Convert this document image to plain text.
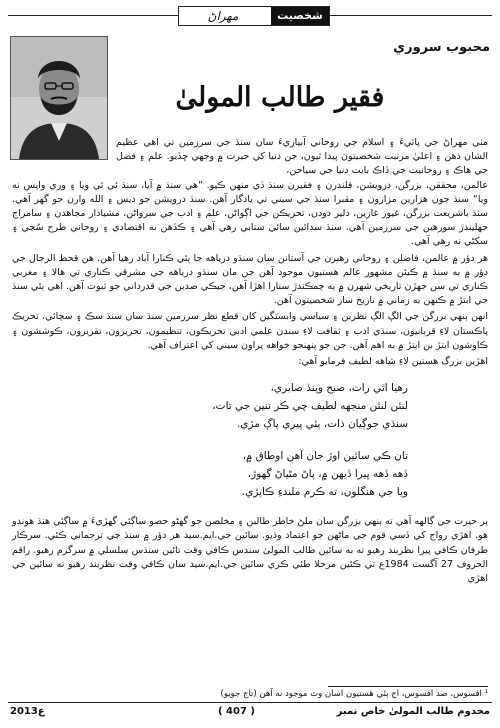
مهراڻ	شخصيت
محبوب سروري
فقير طالب المولىٰ

مٺي مهراڻ جي پاٽيءَ ۽ اسلام جي روحاني آبياريءَ سان سنڌ جي سرزمين تي اهي عظيم الشان ذهن ۽ اعليٰ مرتبت شخصيتون پيدا ٿيون، جن دنيا کي حيرت ۾ وجهي ڇڏيو. علم ۽ فضل جي هاڪ ۽ روحانيت جي ڏاڪ بابت دنيا جي سياحن،

عالمن، محققن، بزرگن، درويشن، قلندرن ۽ فقيرن سنڌ ڏي منهن ڪيو. ”هي سنڌ ۾ آيا، سنڌ ئي ٿي ويا ۽ وري واپس نه ويا“ سنڌ جون هزارين مزارون ۽ مقبرا سنڌ جي سيني تي يادگار آهن. سنڌ درويشن جو ديس ۽ الله وارن جو گهر آهي. سنڌ باشريعت بزرگن، غيور غازين، دلير دودن، تحريڪن جي اڳواڻن، علم ۽ ادب جي سرواڻن، مشيادار مجاهدن ۽ سامراج جهليندڙ سورهين جي سرزمين آهي. سنڌ سدائين سائي ستابي رهي آهي ۽ ڪڏهن به اقتصادي ۽ روحاني طرح سُڃي ۽ سکڻي نه رهي آهي.

هر دؤر ۾ عالمن، فاضلن ۽ روحاني رهبرن جي آستانن سان سنڌو درياهه جا ٻئي ڪنارا آباد رهيا آهن. هن قحط الرجال جي دؤر ۾ به سنڌ ۾ ڪيئن مشهور عالم هستيون موجود آهن جن مان سنڌو درياهه جي مشرقي ڪناري تي هالا ۽ مغربي ڪناري تي سن جهڙن تاريخي شهرن ۾ ٻه چمڪندڙ ستارا اهڙا آهن، جيڪي صدين جي قدرداني جو ثبوت آهن. اهي ٻئي سنڌ جي ابتڙ ۾ ڪنهن به زماني ۾ تاريخ ساز شخصيتون آهن.

انهن ٻنهي بزرگن جي الڳ الڳ نظرين ۽ سياسي وابستگين کان قطع نظر سرزمين سنڌ سان سنڌ سڪ ۽ سچائي، تحريڪ پاڪستان لاءِ قربانيون، سنڌي ادب ۽ ثقافت لاءِ سندن علمي ادبي تحريڪون، تنظيمون، تحريرون، تقريرون، ڪوششون ۽ ڪاوشون ابتڙ بن ابتڙ ۾ به اهم آهن. جن جو پنهنجو خواهه پراون سيني کي اعتراف آهي.

اهڙين بزرگ هستين لاءِ شاهه لطيف فرمايو آهي:

رهيا اٿي رات، صبح وينڏ صابري،
لنئن لنئن منجهه لطيف چي ڪر تنين جي تات،
سنڌي جوڳيان ذات، ٻئي پيري پاڳ مڙي.
تان ڪي سائين اوڙ جان آهن اوطاق ۾،
ڏهه ڏهه ڀيرا ڏيهن ۾، پاڻ مڻياڻ گهوڙ،
ويا جي هنگلون، ته ڪرم ملندءِ ڪاپڙي.

ٻر حيرت جي ڳالهه آهي ته ٻنهي بزرگن سان ملڻ خاطر طالبن ۽ مخلصن جو گهڻو حصو ساڳئي گهڙيءَ ۾ ساڳئي هنڌ هوندو هو. اهڙي رواج کي ڏسي قوم جي ماڻهن جو اعتماد وڌيو. سائين جي.ايم.سيد هر دؤر ۾ سنڌ جي ترجماني ڪئي. سرڪار طرفان ڪافي پيرا نظربند رهيو ته به سائين طالب المولىٰ سندس ڪافي وقت تائين سنڌس سلسلي ۾ سرگرم رهيو. راقم الحروف 27 آگسٽ 1984ع تي ڪئين مرحلا طئي ڪري سائين جي.ايم.سيد سان ڪافي وقت نظربند رهيو ته سائين جي اهڙي

¹ افسوس، صد افسوس، اڄ ٻئي هستيون اسان وٽ موجود نه آهن (تاج جويو)
مخدوم طالب المولىٰ خاص نمبر
( 407 )
2013ع
